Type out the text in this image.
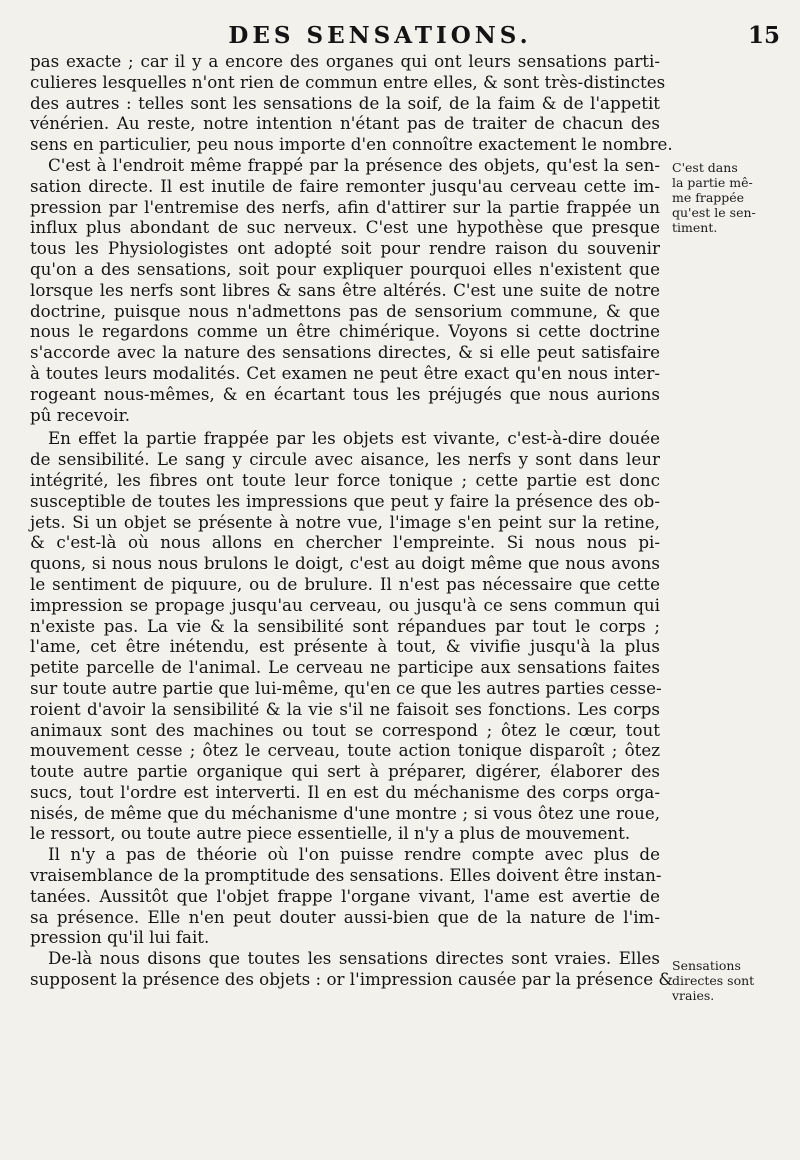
DES SENSATIONS.	15

pas exacte ; car il y a encore des organes qui ont leurs sensations parti-
culieres lesquelles n'ont rien de commun entre elles, & sont très-distinctes
des autres : telles sont les sensations de la soif, de la faim & de l'appetit
vénérien. Au reste, notre intention n'étant pas de traiter de chacun des
sens en particulier, peu nous importe d'en connoître exactement le nombre.

C'est à l'endroit même frappé par la présence des objets, qu'est la sen-
sation directe. Il est inutile de faire remonter jusqu'au cerveau cette im-
pression par l'entremise des nerfs, afin d'attirer sur la partie frappée un
influx plus abondant de suc nerveux. C'est une hypothèse que presque
tous les Physiologistes ont adopté soit pour rendre raison du souvenir
qu'on a des sensations, soit pour expliquer pourquoi elles n'existent que
lorsque les nerfs sont libres & sans être altérés. C'est une suite de notre
doctrine, puisque nous n'admettons pas de sensorium commune, & que
nous le regardons comme un être chimérique. Voyons si cette doctrine
s'accorde avec la nature des sensations directes, & si elle peut satisfaire
à toutes leurs modalités. Cet examen ne peut être exact qu'en nous inter-
rogeant nous-mêmes, & en écartant tous les préjugés que nous aurions
pû recevoir.

En effet la partie frappée par les objets est vivante, c'est-à-dire douée
de sensibilité. Le sang y circule avec aisance, les nerfs y sont dans leur
intégrité, les fibres ont toute leur force tonique ; cette partie est donc
susceptible de toutes les impressions que peut y faire la présence des ob-
jets. Si un objet se présente à notre vue, l'image s'en peint sur la retine,
& c'est-là où nous allons en chercher l'empreinte. Si nous nous pi-
quons, si nous nous brulons le doigt, c'est au doigt même que nous avons
le sentiment de piquure, ou de brulure. Il n'est pas nécessaire que cette
impression se propage jusqu'au cerveau, ou jusqu'à ce sens commun qui
n'existe pas. La vie & la sensibilité sont répandues par tout le corps ;
l'ame, cet être inétendu, est présente à tout, & vivifie jusqu'à la plus
petite parcelle de l'animal. Le cerveau ne participe aux sensations faites
sur toute autre partie que lui-même, qu'en ce que les autres parties cesse-
roient d'avoir la sensibilité & la vie s'il ne faisoit ses fonctions. Les corps
animaux sont des machines ou tout se correspond ; ôtez le cœur, tout
mouvement cesse ; ôtez le cerveau, toute action tonique disparoît ; ôtez
toute autre partie organique qui sert à préparer, digérer, élaborer des
sucs, tout l'ordre est interverti. Il en est du méchanisme des corps orga-
nisés, de même que du méchanisme d'une montre ; si vous ôtez une roue,
le ressort, ou toute autre piece essentielle, il n'y a plus de mouvement.

Il n'y a pas de théorie où l'on puisse rendre compte avec plus de
vraisemblance de la promptitude des sensations. Elles doivent être instan-
tanées. Aussitôt que l'objet frappe l'organe vivant, l'ame est avertie de
sa présence. Elle n'en peut douter aussi-bien que de la nature de l'im-
pression qu'il lui fait.

De-là nous disons que toutes les sensations directes sont vraies. Elles
supposent la présence des objets : or l'impression causée par la présence &

C'est dans
la partie mê-
me frappée
qu'est le sen-
timent.
Sensations
directes sont
vraies.
